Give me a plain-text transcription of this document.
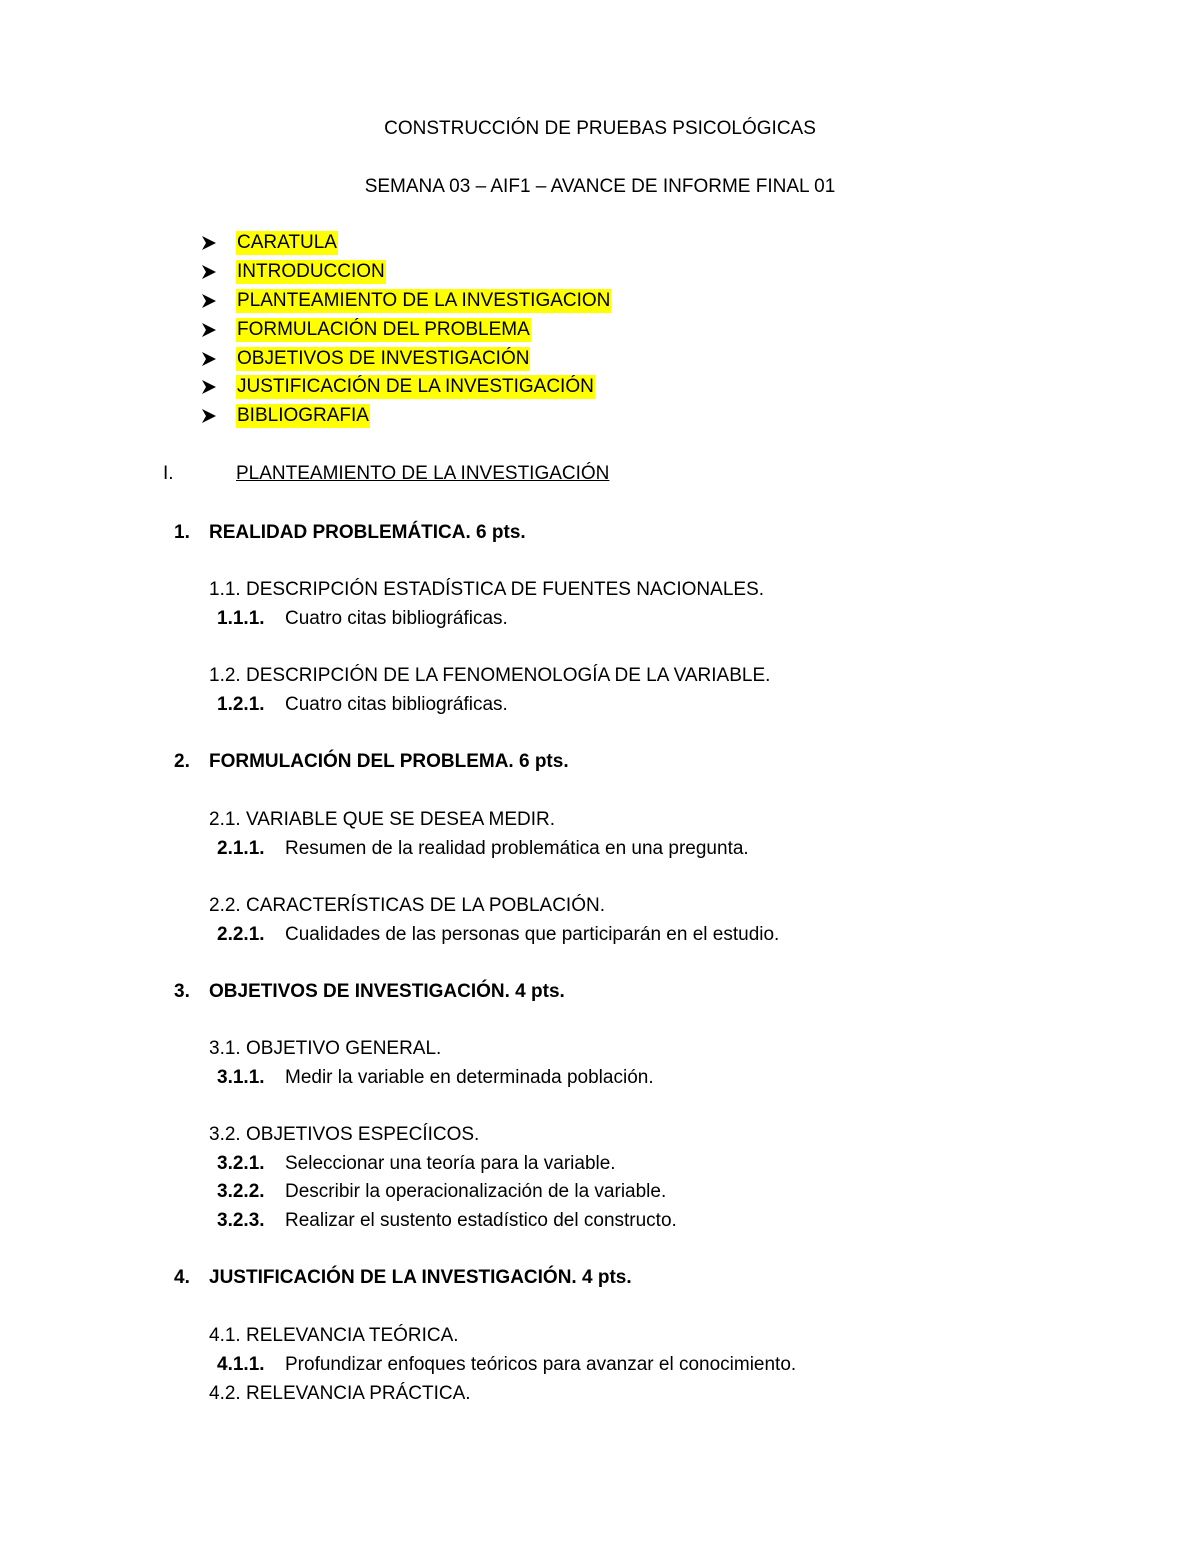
CONSTRUCCIÓN DE PRUEBAS PSICOLÓGICAS
SEMANA 03 – AIF1 – AVANCE DE INFORME FINAL 01
CARATULA
INTRODUCCION
PLANTEAMIENTO DE LA INVESTIGACION
FORMULACIÓN DEL PROBLEMA
OBJETIVOS DE INVESTIGACIÓN
JUSTIFICACIÓN DE LA INVESTIGACIÓN
BIBLIOGRAFIA
I.	PLANTEAMIENTO DE LA INVESTIGACIÓN
1. REALIDAD PROBLEMÁTICA. 6 pts.
1.1. DESCRIPCIÓN ESTADÍSTICA DE FUENTES NACIONALES.
1.1.1. Cuatro citas bibliográficas.
1.2. DESCRIPCIÓN DE LA FENOMENOLOGÍA DE LA VARIABLE.
1.2.1. Cuatro citas bibliográficas.
2. FORMULACIÓN DEL PROBLEMA. 6 pts.
2.1. VARIABLE QUE SE DESEA MEDIR.
2.1.1. Resumen de la realidad problemática en una pregunta.
2.2. CARACTERÍSTICAS DE LA POBLACIÓN.
2.2.1. Cualidades de las personas que participarán en el estudio.
3. OBJETIVOS DE INVESTIGACIÓN. 4 pts.
3.1. OBJETIVO GENERAL.
3.1.1. Medir la variable en determinada población.
3.2. OBJETIVOS ESPECÍICOS.
3.2.1. Seleccionar una teoría para la variable.
3.2.2. Describir la operacionalización de la variable.
3.2.3. Realizar el sustento estadístico del constructo.
4. JUSTIFICACIÓN DE LA INVESTIGACIÓN. 4 pts.
4.1. RELEVANCIA TEÓRICA.
4.1.1. Profundizar enfoques teóricos para avanzar el conocimiento.
4.2. RELEVANCIA PRÁCTICA.
